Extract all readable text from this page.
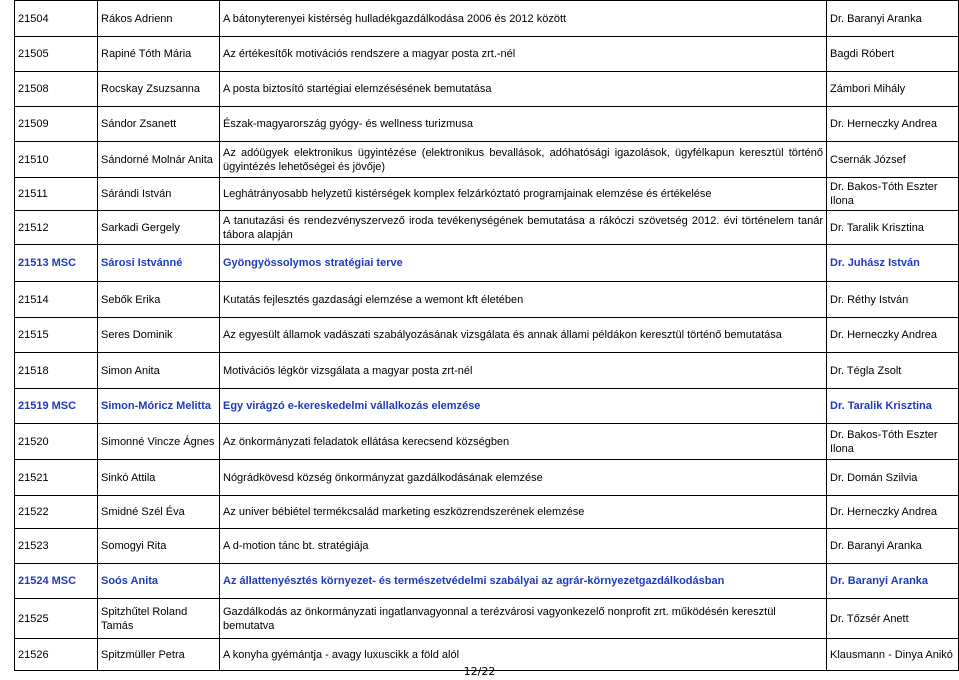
21504	Rákos Adrienn	A bátonyterenyei kistérség hulladékgazdálkodása 2006 és 2012 között	Dr. Baranyi Aranka
21505	Rapiné Tóth Mária	Az értékesítők motivációs rendszere a magyar posta zrt.-nél	Bagdi Róbert
21508	Rocskay Zsuzsanna	A posta biztosító startégiai elemzésésének bemutatása	Zámbori Mihály
21509	Sándor Zsanett	Észak-magyarország gyógy- és wellness turizmusa	Dr. Herneczky Andrea
21510	Sándorné Molnár Anita	Az adóügyek elektronikus ügyintézése (elektronikus bevallások, adóhatósági igazolások, ügyfélkapun keresztül történő ügyintézés lehetőségei és jövője)	Csernák József
21511	Sárándi István	Leghátrányosabb helyzetű kistérségek komplex felzárkóztató programjainak elemzése és értékelése	Dr. Bakos-Tóth Eszter Ilona
21512	Sarkadi Gergely	A tanutazási és rendezvényszervező iroda tevékenységének bemutatása a rákóczi szövetség 2012. évi történelem tanár tábora alapján	Dr. Taralik Krisztina
21513 MSC	Sárosi Istvánné	Gyöngyössolymos stratégiai terve	Dr. Juhász István
21514	Sebők Erika	Kutatás fejlesztés gazdasági elemzése a wemont kft életében	Dr. Réthy István
21515	Seres Dominik	Az egyesült államok vadászati szabályozásának vizsgálata és annak állami példákon keresztül történő bemutatása	Dr. Herneczky Andrea
21518	Simon Anita	Motivációs légkör vizsgálata a magyar posta zrt-nél	Dr. Tégla Zsolt
21519 MSC	Simon-Móricz Melitta	Egy virágzó e-kereskedelmi vállalkozás elemzése	Dr. Taralik Krisztina
21520	Simonné Vincze Ágnes	Az önkormányzati feladatok ellátása kerecsend községben	Dr. Bakos-Tóth Eszter Ilona
21521	Sinkó Attila	Nógrádkövesd község önkormányzat gazdálkodásának elemzése	Dr. Domán Szilvia
21522	Smidné Szél Éva	Az univer bébiétel termékcsalád marketing eszközrendszerének elemzése	Dr. Herneczky Andrea
21523	Somogyi Rita	A d-motion tánc bt. stratégiája	Dr. Baranyi Aranka
21524 MSC	Soós Anita	Az állattenyésztés környezet- és természetvédelmi szabályai az agrár-környezetgazdálkodásban	Dr. Baranyi Aranka
21525	Spitzhűtel Roland Tamás	Gazdálkodás az önkormányzati ingatlanvagyonnal a terézvárosi vagyonkezelő nonprofit zrt. működésén keresztül bemutatva	Dr. Tőzsér Anett
21526	Spitzmüller Petra	A konyha gyémántja - avagy luxuscikk a föld alól	Klausmann - Dinya Anikó
12/22
